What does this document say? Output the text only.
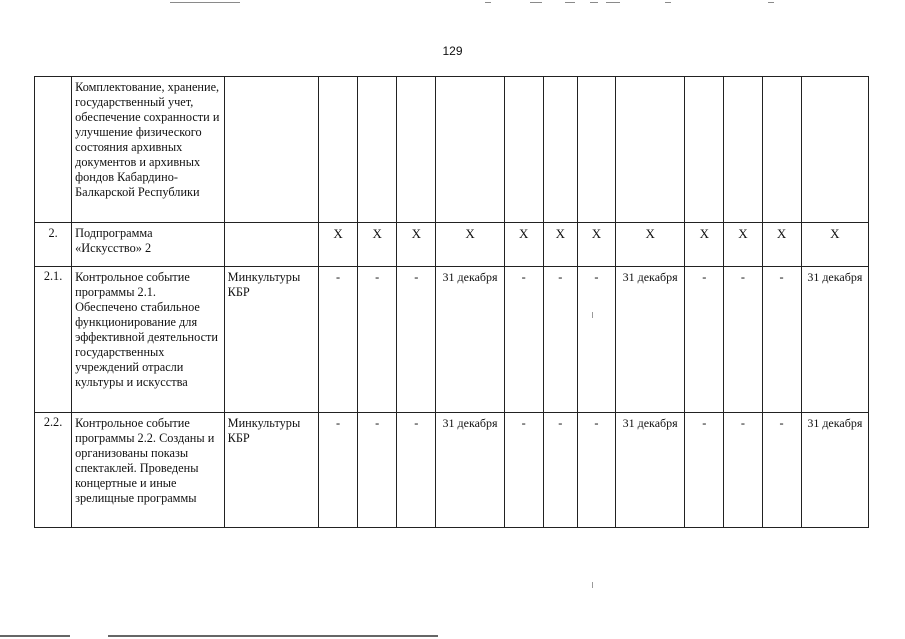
129
	Комплектование, хранение, государственный учет, обеспечение сохранности и улучшение физического состояния архивных документов и архивных фондов Кабардино-Балкарской Республики													
2.	Подпрограмма «Искусство» 2		Х	Х	Х	Х	Х	Х	Х	Х	Х	Х	Х	Х
2.1.	Контрольное событие программы 2.1. Обеспечено стабильное функционирование для эффективной деятельности государственных учреждений отрасли культуры и искусства	Минкультуры КБР	-	-	-	31 декабря	-	-	-	31 декабря	-	-	-	31 декабря
2.2.	Контрольное событие программы 2.2. Созданы и организованы показы спектаклей. Проведены концертные и иные зрелищные программы	Минкультуры КБР	-	-	-	31 декабря	-	-	-	31 декабря	-	-	-	31 декабря
